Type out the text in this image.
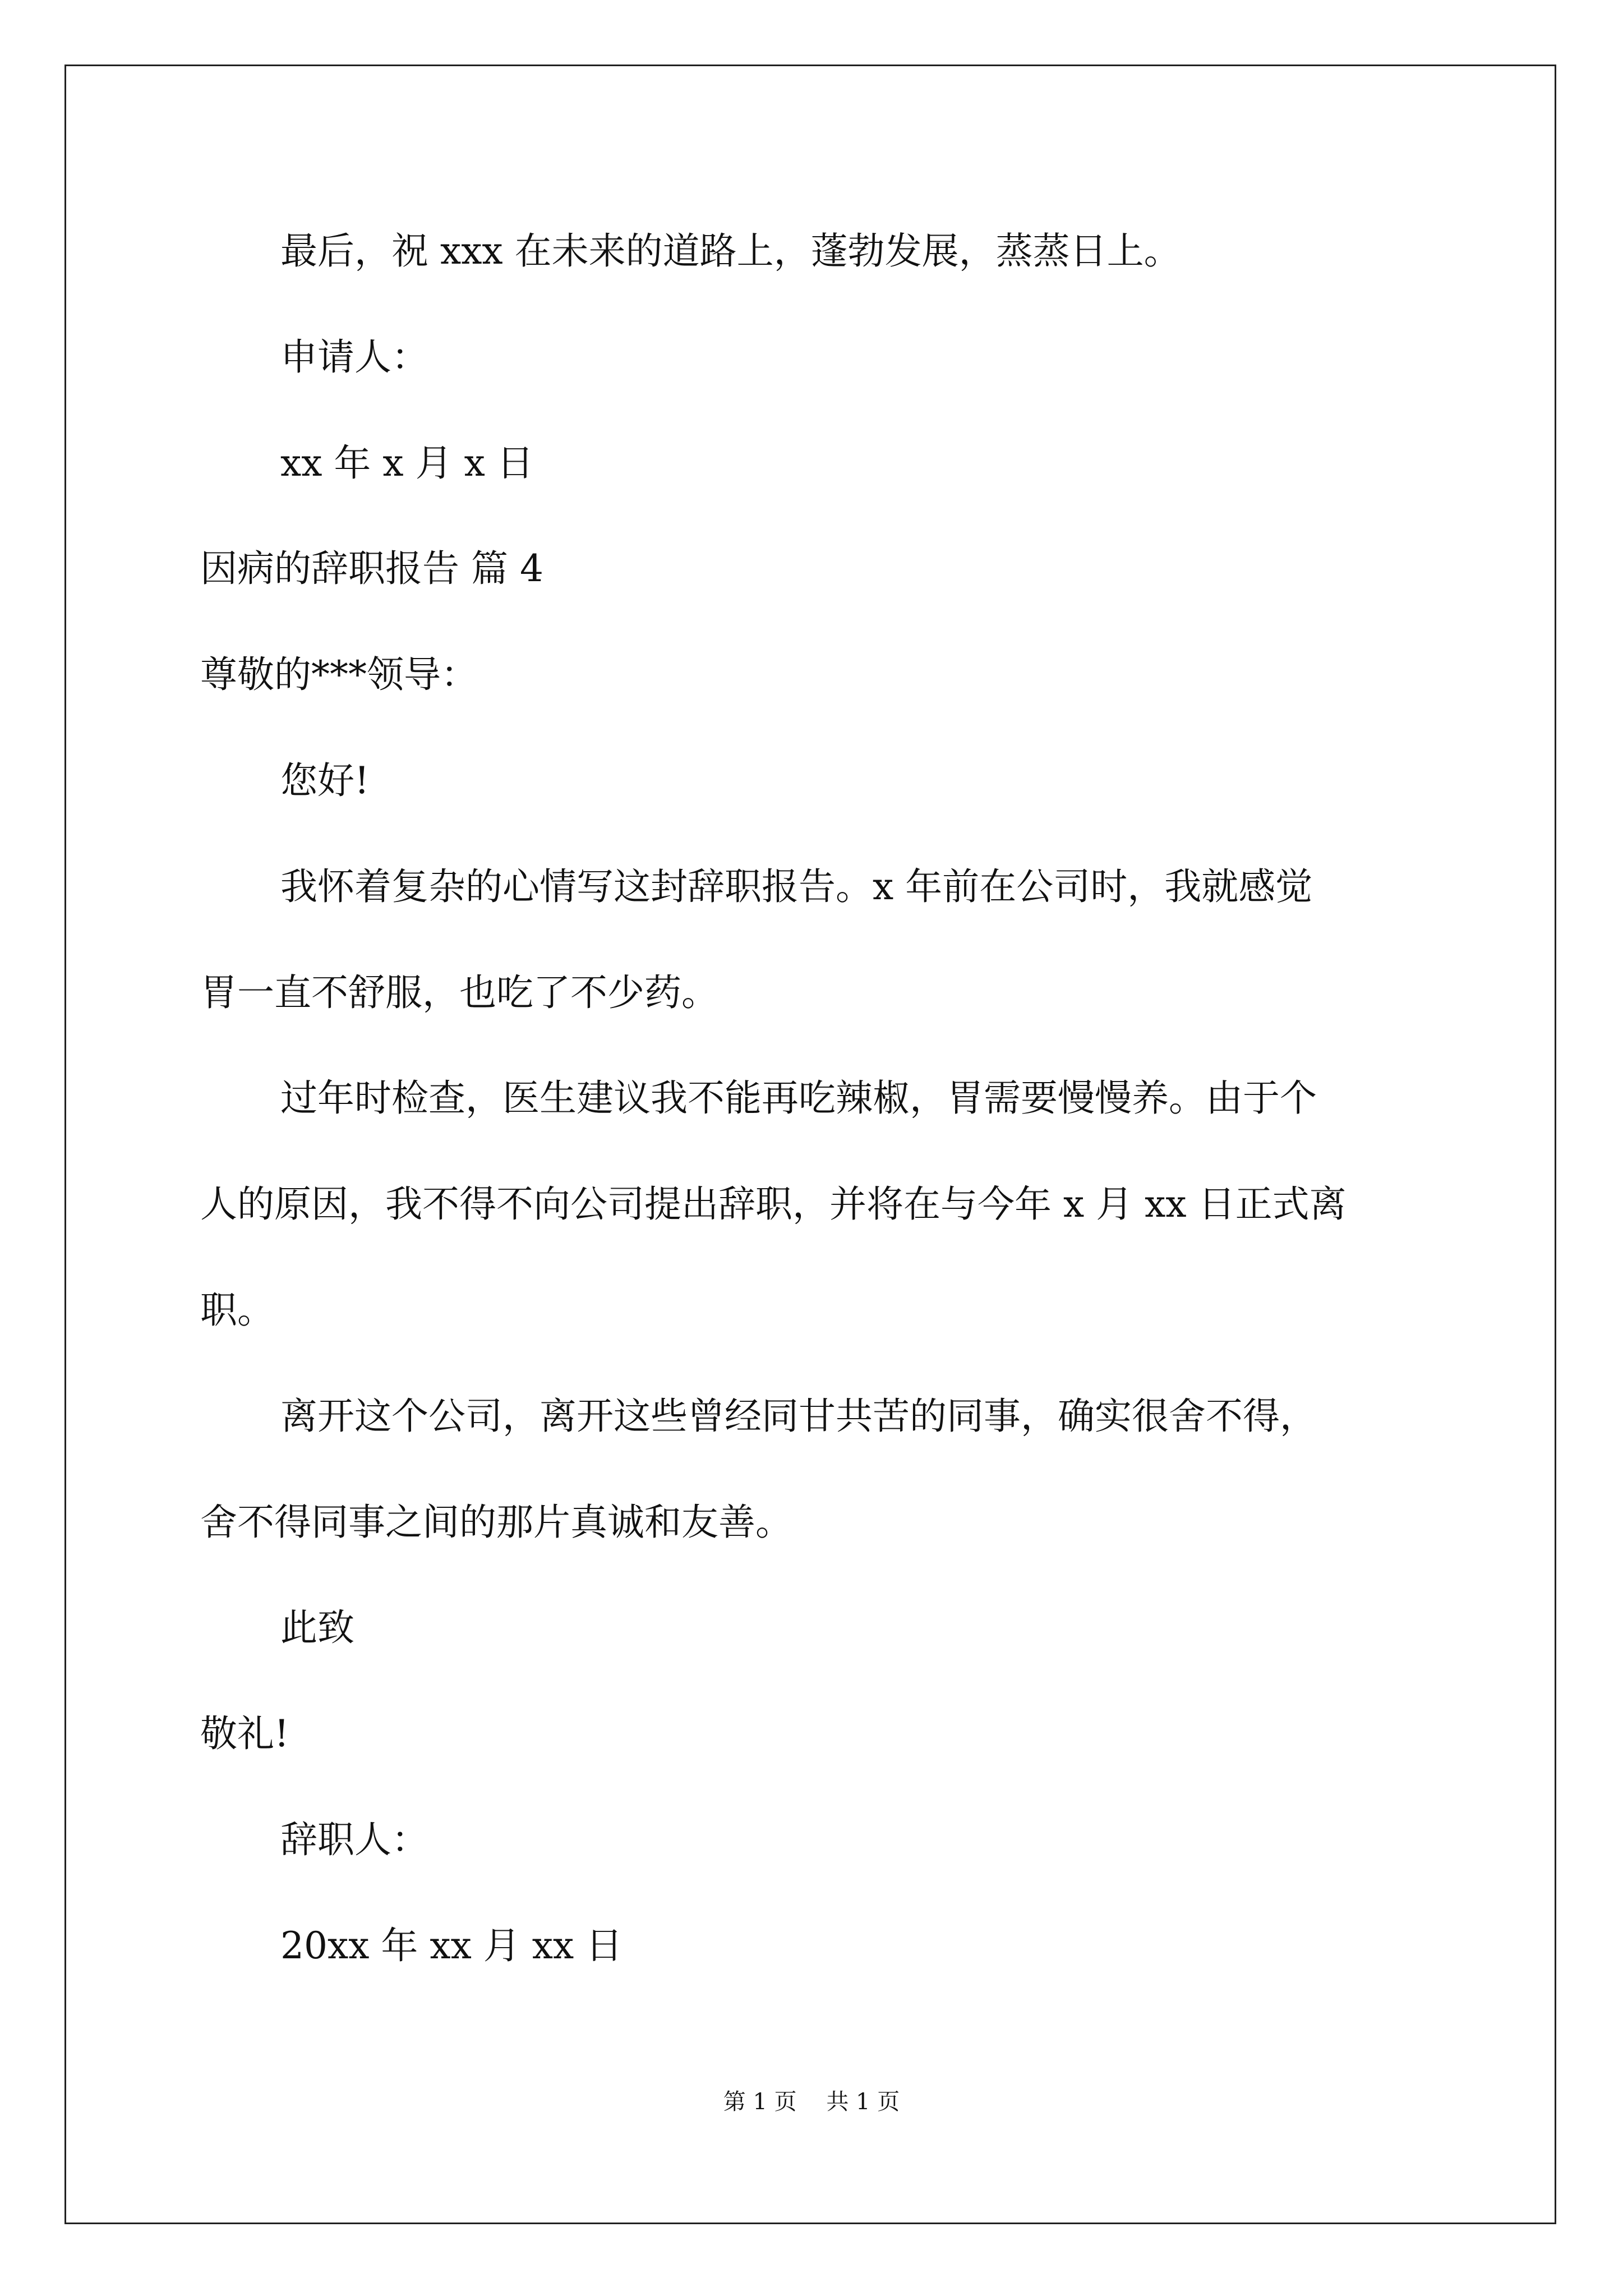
最后，祝 xxx 在未来的道路上，蓬勃发展，蒸蒸日上。

申请人：

xx 年 x 月 x 日

因病的辞职报告 篇 4

尊敬的***领导：

您好!

我怀着复杂的心情写这封辞职报告。x 年前在公司时，我就感觉

胃一直不舒服，也吃了不少药。

过年时检查，医生建议我不能再吃辣椒，胃需要慢慢养。由于个

人的原因，我不得不向公司提出辞职，并将在与今年 x 月 xx 日正式离

职。

离开这个公司，离开这些曾经同甘共苦的同事，确实很舍不得，

舍不得同事之间的那片真诚和友善。

此致

敬礼!

辞职人：

20xx 年 xx 月 xx 日

第 1 页　 共 1 页
